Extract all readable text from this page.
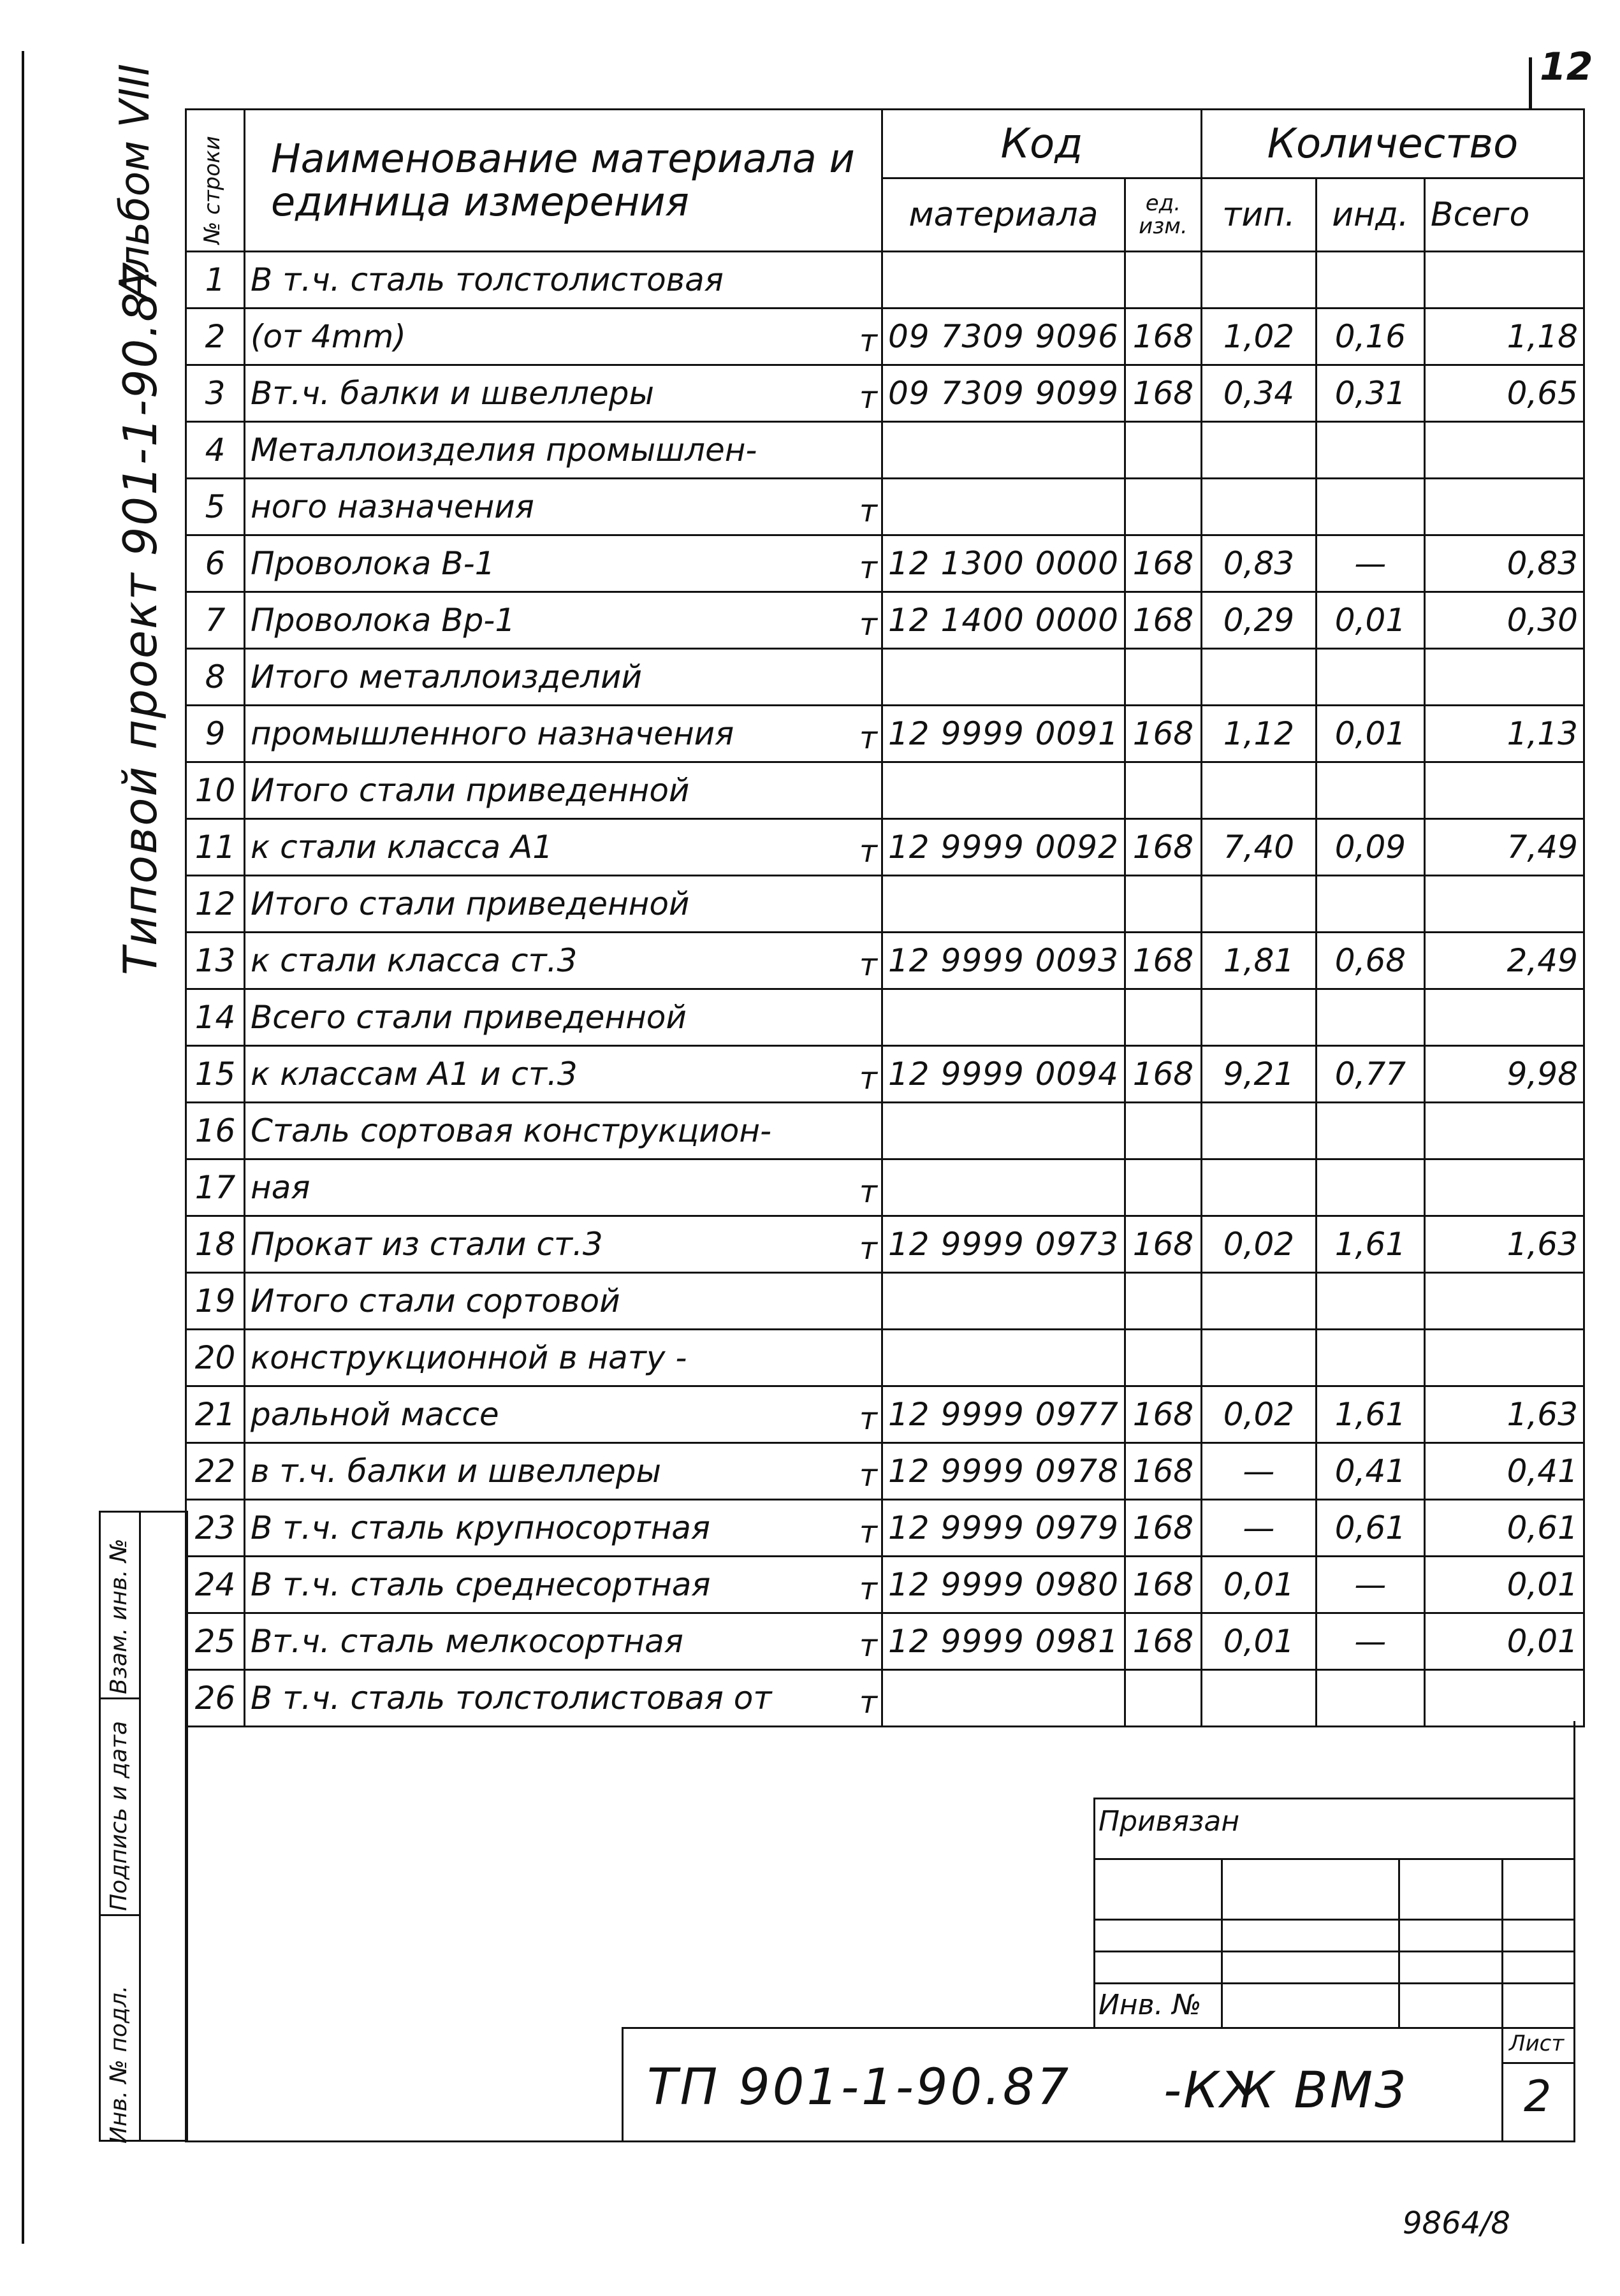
12
Альбом VIII
Типовой проект 901-1-90.87
Инв. № подл.
Подпись и дата
Взам. инв. №
№ строки	Наименование материала и единица измерения	Код		Количество		
		материала	ед. изм.	тип.	инд.	Всего
1	В т.ч. сталь толстолистовая

2	(от 4mm) т	09 7309 9096	168	1,02	0,16	1,18
3	Вт.ч. балки и швеллеры т	09 7309 9099	168	0,34	0,31	0,65
4	Металлоизделия промышлен-

5	ного назначения т					

6	Проволока В-1 т	12 1300 0000	168	0,83	—	0,83
7	Проволока Вр-1 т	12 1400 0000	168	0,29	0,01	0,30
8	Итого металлоизделий

9	промышленного назначения т	12 9999 0091	168	1,12	0,01	1,13
10	Итого стали приведенной

11	к стали класса А1 т	12 9999 0092	168	7,40	0,09	7,49
12	Итого стали приведенной

13	к стали класса ст.3 т	12 9999 0093	168	1,81	0,68	2,49
14	Всего стали приведенной

15	к классам А1 и ст.3 т	12 9999 0094	168	9,21	0,77	9,98
16	Сталь сортовая конструкцион-

17	ная т					

18	Прокат из стали ст.3 т	12 9999 0973	168	0,02	1,61	1,63
19	Итого стали сортовой

20	конструкционной в нату -

21	ральной массе т	12 9999 0977	168	0,02	1,61	1,63
22	в т.ч. балки и швеллеры т	12 9999 0978	168	—	0,41	0,41
23	В т.ч. сталь крупносортная т	12 9999 0979	168	—	0,61	0,61
24	В т.ч. сталь среднесортная т	12 9999 0980	168	0,01	—	0,01
25	Вт.ч. сталь мелкосортная т	12 9999 0981	168	0,01	—	0,01
26	В т.ч. сталь толстолистовая от т					

Привязан
Инв. №
ТП 901-1-90.87 -КЖ ВМ3
Лист
2
9864/8
